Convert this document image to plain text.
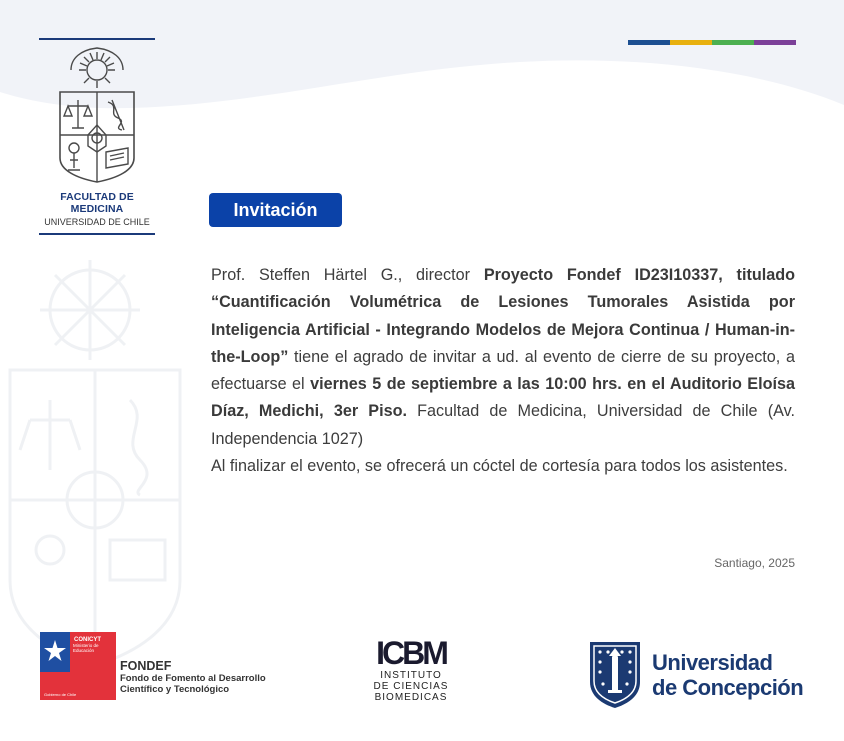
FACULTAD DE MEDICINA
UNIVERSIDAD DE CHILE
Invitación
Prof. Steffen Härtel G., director Proyecto Fondef ID23I10337, titulado “Cuantificación Volumétrica de Lesiones Tumorales Asistida por Inteligencia Artificial - Integrando Modelos de Mejora Continua / Human-in-the-Loop” tiene el agrado de invitar a ud. al evento de cierre de su proyecto, a efectuarse el viernes 5 de septiembre a las 10:00 hrs. en el Auditorio Eloísa Díaz, Medichi, 3er Piso. Facultad de Medicina, Universidad de Chile (Av. Independencia 1027)
Al finalizar el evento, se ofrecerá un cóctel de cortesía para todos los asistentes.
Santiago, 2025
CONICYT
Ministerio de Educación
Gobierno de Chile
FONDEF
Fondo de Fomento al Desarrollo
Científico y Tecnológico
ICBM
INSTITUTO
DE CIENCIAS
BIOMEDICAS
Universidad
de Concepción
